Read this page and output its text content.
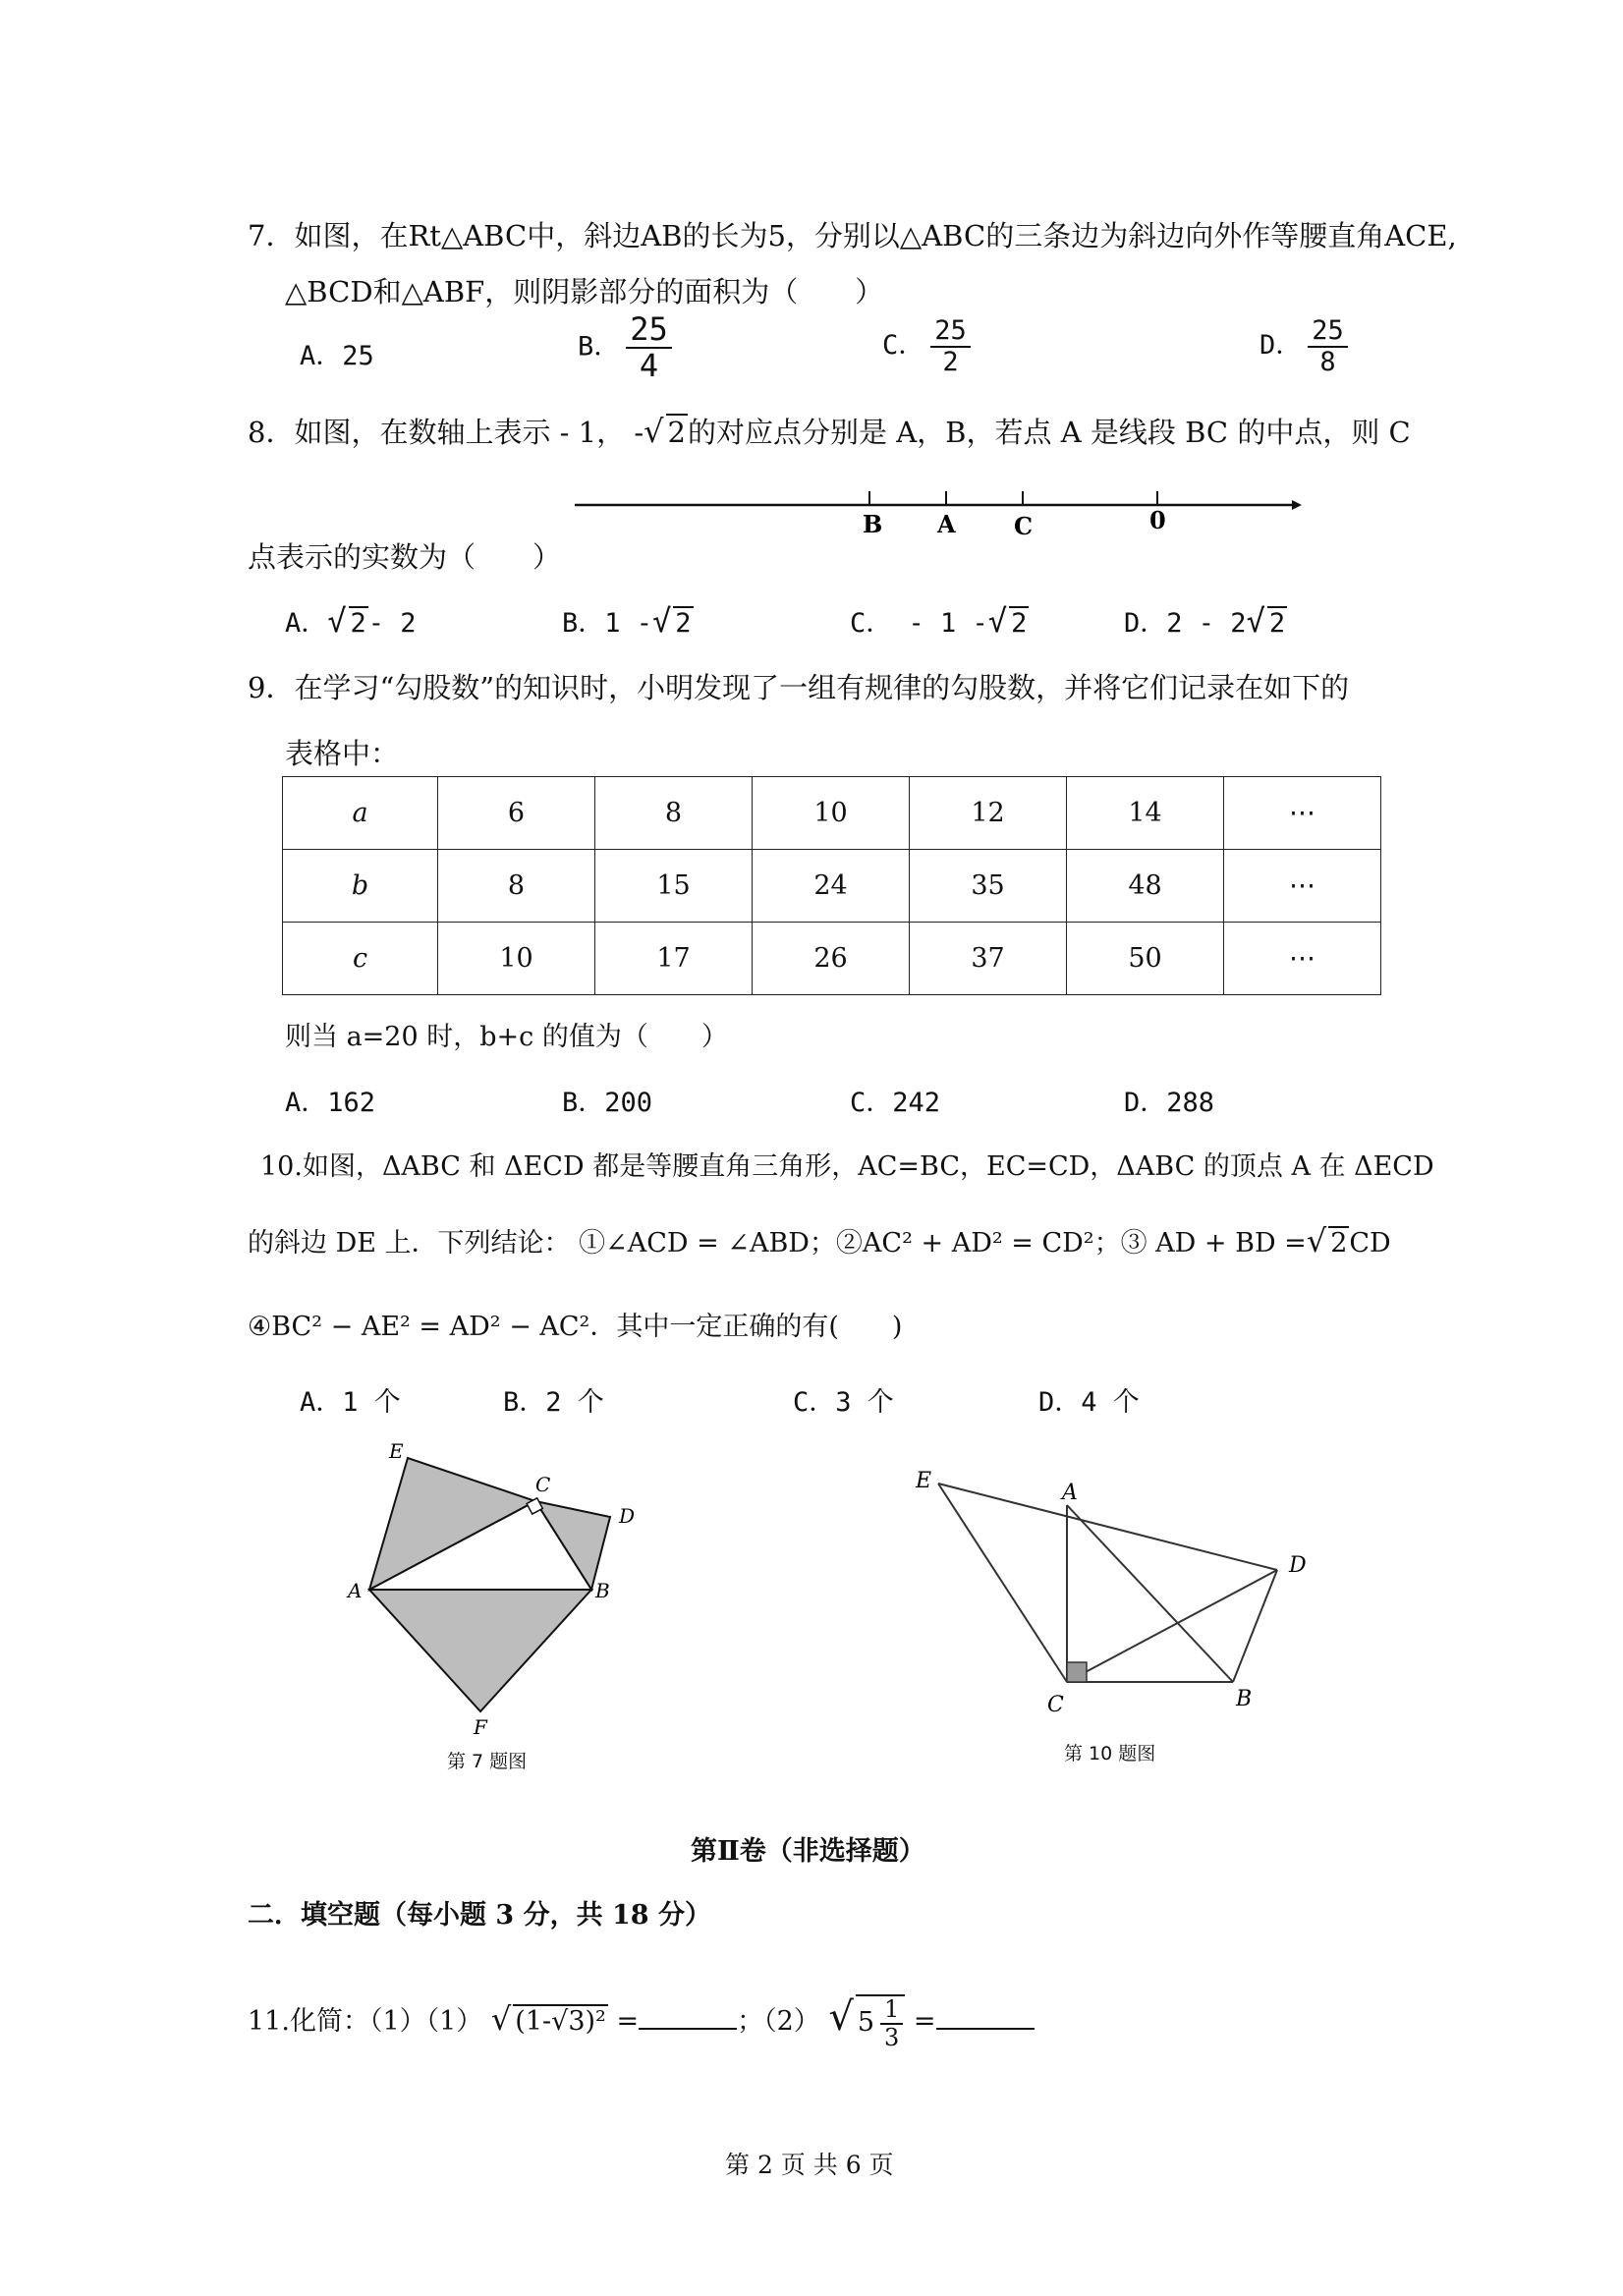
7．如图，在Rt△ABC中，斜边AB的长为5，分别以△ABC的三条边为斜边向外作等腰直角ACE,
△BCD和△ABF，则阴影部分的面积为（　　）
A．25	B． $\frac{25}{4}$	C． $\frac{25}{2}$	D． $\frac{25}{8}$
8．如图，在数轴上表示 - 1， -√ 2的对应点分别是 A，B，若点 A 是线段 BC 的中点，则 C
B A C	0
点表示的实数为（　　）
A．√ 2- 2	B．1 -√ 2	C． - 1 -√ 2	D．2 - 2√ 2
9．在学习“勾股数”的知识时，小明发现了一组有规律的勾股数，并将它们记录在如下的
表格中：
a	6	8	10	12	14	⋯
b	8	15	24	35	48	⋯
c	10	17	26	37	50	⋯
则当 a=20 时，b+c 的值为（　　）
A．162	B．200	C．242	D．288
10.如图，ΔABC 和 ΔECD 都是等腰直角三角形，AC=BC，EC=CD，ΔABC 的顶点 A 在 ΔECD
的斜边 DE 上．下列结论： ①∠ACD = ∠ABD；②AC² + AD² = CD²；③ AD + BD =√ 2CD
④BC² − AE² = AD² − AC²．其中一定正确的有(　　)
A．1 个	B．2 个	C．3 个	D．4 个
E
C
D
A	B
F
第 7 题图
E	A
D
C	B
第 10 题图
第Ⅱ卷（非选择题）
二．填空题（每小题 3 分，共 18 分）
11.化简：（1）（1） √ (1-√3)² =	；（2） √ $5 \frac{1}{3}$ =
第 2 页 共 6 页
